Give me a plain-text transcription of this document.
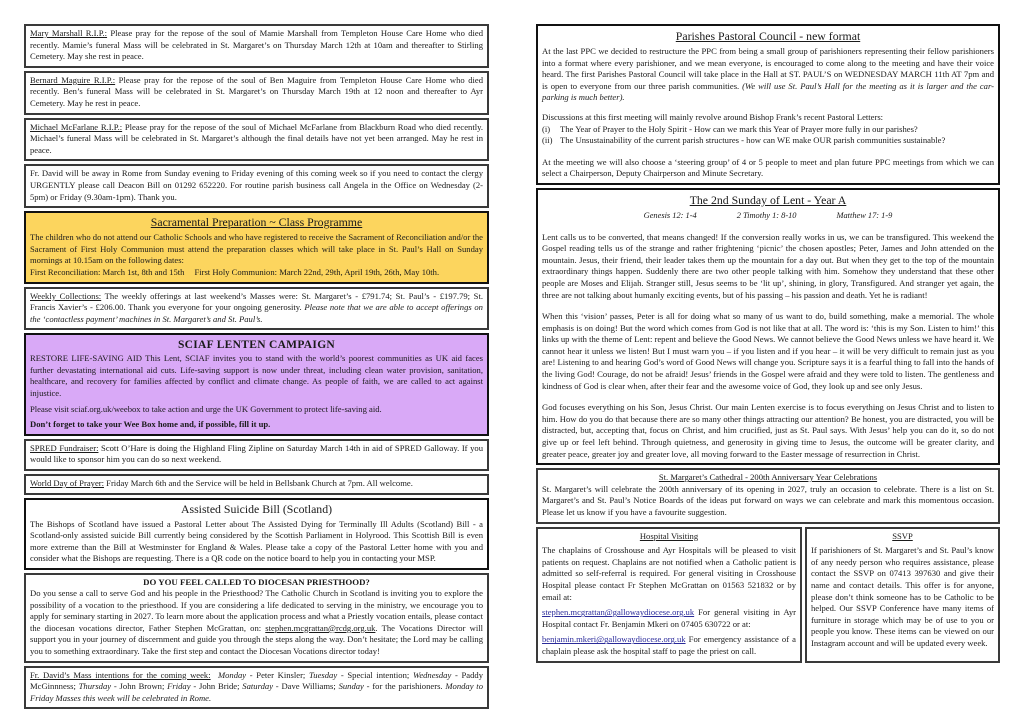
Mary Marshall R.I.P.: Please pray for the repose of the soul of Mamie Marshall from Templeton House Care Home who died recently. Mamie’s funeral Mass will be celebrated in St. Margaret’s on Thursday March 12th at 10am and thereafter to Stirling Cemetery. May she rest in peace.

Bernard Maguire R.I.P.: Please pray for the repose of the soul of Ben Maguire from Templeton House Care Home who died recently. Ben’s funeral Mass will be celebrated in St. Margaret’s on Thursday March 19th at 12 noon and thereafter to Ayr Cemetery. May he rest in peace.

Michael McFarlane R.I.P.: Please pray for the repose of the soul of Michael McFarlane from Blackburn Road who died recently. Michael’s funeral Mass will be celebrated in St. Margaret’s although the final details have not yet been arranged. May he rest in peace.

Fr. David will be away in Rome from Sunday evening to Friday evening of this coming week so if you need to contact the clergy URGENTLY please call Deacon Bill on 01292 652220. For routine parish business call Angela in the Office on Wednesday (2-5pm) or Friday (9.30am-1pm). Thank you.

Sacramental Preparation ~ Class Programme

The children who do not attend our Catholic Schools and who have registered to receive the Sacrament of Reconciliation and/or the Sacrament of First Holy Communion must attend the preparation classes which will take place in St. Paul’s Hall on Sunday mornings at 10.15am on the following dates:

First Reconciliation: March 1st, 8th and 15th First Holy Communion: March 22nd, 29th, April 19th, 26th, May 10th.

Weekly Collections: The weekly offerings at last weekend’s Masses were: St. Margaret’s - £791.74; St. Paul’s - £197.79; St. Francis Xavier’s - £206.00. Thank you everyone for your ongoing generosity. Please note that we are able to accept offerings on the ‘contactless payment’ machines in St. Margaret’s and St. Paul’s.

SCIAF LENTEN CAMPAIGN

RESTORE LIFE-SAVING AID This Lent, SCIAF invites you to stand with the world’s poorest communities as UK aid faces further devastating international aid cuts. Life-saving support is now under threat, including clean water provision, sanitation, healthcare, and recovery for families affected by conflict and climate change. As people of faith, we are called to act against injustice.

Please visit sciaf.org.uk/weebox to take action and urge the UK Government to protect life-saving aid.

Don’t forget to take your Wee Box home and, if possible, fill it up.

SPRED Fundraiser: Scott O’Hare is doing the Highland Fling Zipline on Saturday March 14th in aid of SPRED Galloway. If you would like to sponsor him you can do so next weekend.

World Day of Prayer: Friday March 6th and the Service will be held in Bellsbank Church at 7pm. All welcome.

Assisted Suicide Bill (Scotland)

The Bishops of Scotland have issued a Pastoral Letter about The Assisted Dying for Terminally Ill Adults (Scotland) Bill - a Scotland-only assisted suicide Bill currently being considered by the Scottish Parliament in Holyrood. This Scottish Bill is even more extreme than the Bill at Westminster for England & Wales. Please take a copy of the Pastoral Letter home with you and consider what the Bishops are requesting. There is a QR code on the notice board to help you in contacting your MSP.

DO YOU FEEL CALLED TO DIOCESAN PRIESTHOOD?

Do you sense a call to serve God and his people in the Priesthood? The Catholic Church in Scotland is inviting you to explore the possibility of a vocation to the priesthood. If you are considering a life dedicated to serving in the ministry, we encourage you to apply for seminary starting in 2027. To learn more about the application process and what a Priestly vocation entails, please contact the diocesan vocations director, Father Stephen McGrattan, on: stephen.mcgrattan@rcdg.org.uk. The Vocations Director will support you in your journey of discernment and guide you through the steps along the way. Don’t hesitate; the Lord may be calling you to something extraordinary. Take the first step and contact the Diocesan Vocations director today!

Fr. David’s Mass intentions for the coming week: Monday - Peter Kinsler; Tuesday - Special intention; Wednesday - Paddy McGinnness; Thursday - John Brown; Friday - John Bride; Saturday - Dave Williams; Sunday - for the parishioners. Monday to Friday Masses this week will be celebrated in Rome.

Parishes Pastoral Council - new format

At the last PPC we decided to restructure the PPC from being a small group of parishioners representing their fellow parishioners into a format where every parishioner, and we mean everyone, is encouraged to come along to the meeting and have their voice heard. The first Parishes Pastoral Council will take place in the Hall at ST. PAUL’S on WEDNESDAY MARCH 11th AT 7pm and is open to everyone from our three parish communities. (We will use St. Paul’s Hall for the meeting as it is larger and the car-parking is much better).

Discussions at this first meeting will mainly revolve around Bishop Frank’s recent Pastoral Letters:

(i)	The Year of Prayer to the Holy Spirit - How can we mark this Year of Prayer more fully in our parishes?
(ii) The Unsustainability of the current parish structures - how can WE make OUR parish communities sustainable?

At the meeting we will also choose a ‘steering group’ of 4 or 5 people to meet and plan future PPC meetings from which we can select a Chairperson, Deputy Chairperson and Minute Secretary.

The 2nd Sunday of Lent - Year A
Genesis 12: 1-4	2 Timothy 1: 8-10	Matthew 17: 1-9

Lent calls us to be converted, that means changed! If the conversion really works in us, we can be transfigured. This weekend the Gospel reading tells us of the strange and rather frightening ‘picnic’ the chosen apostles; Peter, James and John attended on the mountain. Jesus, their friend, their leader takes them up the mountain for a day out. But when they get to the top of the mountain extraordinary things happen. Suddenly there are two other people talking with him. Somehow they understand that these other people are Moses and Elijah. Stranger still, Jesus seems to be ‘lit up’, shining, in glory, Transfigured. And stranger yet again, the three are not talking about humanly exciting events, but of his passing – his passion and death. Yet he is radiant!

When this ‘vision’ passes, Peter is all for doing what so many of us want to do, build something, make a memorial. The whole emphasis is on doing! But the word which comes from God is not like that at all. The word is: ‘this is my Son. Listen to him!’ this links up with the theme of Lent: repent and believe the Good News. We cannot believe the Good News unless we have heard it. We cannot hear it unless we listen! But I must warn you – if you listen and if you hear – it will be very difficult to remain just as you are! Listening to and hearing God’s word of Good News will change you. Scripture says it is a fearful thing to fall into the hands of the living God! Courage, do not be afraid! Jesus’ friends in the Gospel were afraid and they were told to listen. The gentleness and kindness of God is clear when, after their fear and the awesome voice of God, they look up and see only Jesus.

God focuses everything on his Son, Jesus Christ. Our main Lenten exercise is to focus everything on Jesus Christ and to listen to him. How do you do that because there are so many other things attracting our attention? Be honest, you are distracted, you will be distracted, but, accepting that, focus on Christ, and him crucified, just as St. Paul says. With Jesus’ help you can do it, so do not give up or feel left behind. Through quietness, and generosity in giving time to Jesus, the outcome will be greater clarity, and greater peace, greater joy and greater love, all moving forward to the Easter message of resurrection in Christ.

St. Margaret’s Cathedral - 200th Anniversary Year Celebrations

St. Margaret’s will celebrate the 200th anniversary of its opening in 2027, truly an occasion to celebrate. There is a list on St. Margaret’s and St. Paul’s Notice Boards of the ideas put forward on ways we can celebrate and mark this momentous occasion. Please let us know if you have a favourite suggestion.

Hospital Visiting

The chaplains of Crosshouse and Ayr Hospitals will be pleased to visit patients on request. Chaplains are not notified when a Catholic patient is admitted so self-referral is required. For general visiting in Crosshouse Hospital please contact Fr Stephen McGrattan on 01563 521832 or by email at:

stephen.mcgrattan@gallowaydiocese.org.uk For general visiting in Ayr Hospital contact Fr. Benjamin Mkeri on 07405 630722 or at:

benjamin.mkeri@gallowaydiocese.org.uk For emergency assistance of a chaplain please ask the hospital staff to page the priest on call.

SSVP

If parishioners of St. Margaret’s and St. Paul’s know of any needy person who requires assistance, please contact the SSVP on 07413 397630 and give their name and contact details. This offer is for anyone, please don’t think someone has to be Catholic to be helped. Our SSVP Conference have many items of furniture in storage which may be of use to you or people you know. These items can be viewed on our Instagram account and will be updated every week.
